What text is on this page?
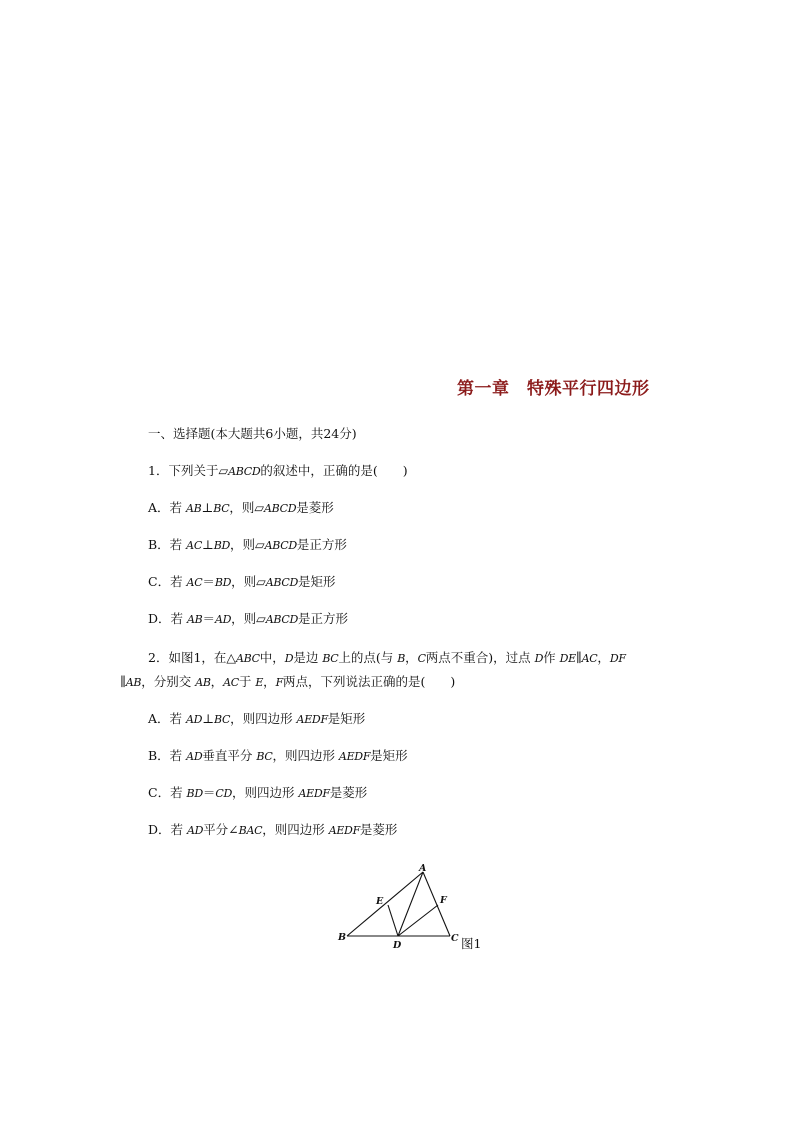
第一章　特殊平行四边形
一、选择题(本大题共6小题，共24分)
1．下列关于▱ABCD的叙述中，正确的是(　　)
A．若 AB⊥BC，则▱ABCD是菱形
B．若 AC⊥BD，则▱ABCD是正方形
C．若 AC＝BD，则▱ABCD是矩形
D．若 AB＝AD，则▱ABCD是正方形
2．如图1，在△ABC中，D是边 BC上的点(与 B，C两点不重合)，过点 D作 DE∥AC，DF
∥AB，分别交 AB，AC于 E，F两点，下列说法正确的是(　　)
A．若 AD⊥BC，则四边形 AEDF是矩形
B．若 AD垂直平分 BC，则四边形 AEDF是矩形
C．若 BD＝CD，则四边形 AEDF是菱形
D．若 AD平分∠BAC，则四边形 AEDF是菱形
A
B	C
D
E	F
图1
